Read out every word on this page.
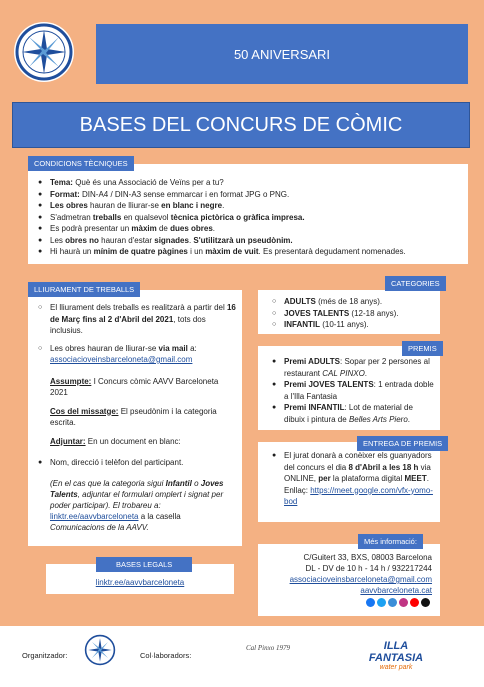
50 ANIVERSARI
BASES DEL CONCURS DE CÒMIC
CONDICIONS TÈCNIQUES
● Tema: Què és una Associació de Veïns per a tu?
● Format: DIN-A4 / DIN-A3 sense emmarcar i en format JPG o PNG.
● Les obres hauran de lliurar-se en blanc i negre.
● S'admetran treballs en qualsevol tècnica pictòrica o gràfica impresa.
● Es podrà presentar un màxim de dues obres.
● Les obres no hauran d'estar signades. S'utilitzarà un pseudònim.
● Hi haurà un mínim de quatre pàgines i un màxim de vuit. Es presentarà degudament nomenades.
LLIURAMENT DE TREBALLS
○ El lliurament dels treballs es realitzarà a partir del 16 de Març fins al 2 d'Abril del 2021, tots dos inclusius.
○ Les obres hauran de lliurar-se via mail a:
associacioveinsbarceloneta@gmail.com
Assumpte: I Concurs còmic AAVV Barceloneta 2021
Cos del missatge: El pseudònim i la categoria escrita.
Adjuntar: En un document en blanc:
● Nom, direcció i telèfon del participant.
(En el cas que la categoria sigui Infantil o Joves Talents, adjuntar el formulari omplert i signat per poder participar). El trobareu a:
linktr.ee/aavvbarceloneta a la casella
Comunicacions de la AAVV.
CATEGORIES
○ ADULTS (més de 18 anys).
○ JOVES TALENTS (12-18 anys).
○ INFANTIL (10-11 anys).
PREMIS
● Premi ADULTS: Sopar per 2 persones al restaurant CAL PINXO.
● Premi JOVES TALENTS: 1 entrada doble a l'Illa Fantasia
● Premi INFANTIL: Lot de material de dibuix i pintura de Belles Arts Piero.
ENTREGA DE PREMIS
● El jurat donarà a conèixer els guanyadors del concurs el dia 8 d'Abril a les 18 h via ONLINE, per la plataforma digital MEET.
Enllaç: https://meet.google.com/vfx-yomo-bod
BASES LEGALS
linktr.ee/aavvbarceloneta
Més informació:
C/Guitert 33, BXS, 08003 Barcelona
DL - DV de 10 h - 14 h / 932217244
associacioveinsbarceloneta@gmail.com
aavvbarceloneta.cat
Organitzador:	Col·laboradors:
Cal Pinxo 1979	ILLA FANTASIA
water park
